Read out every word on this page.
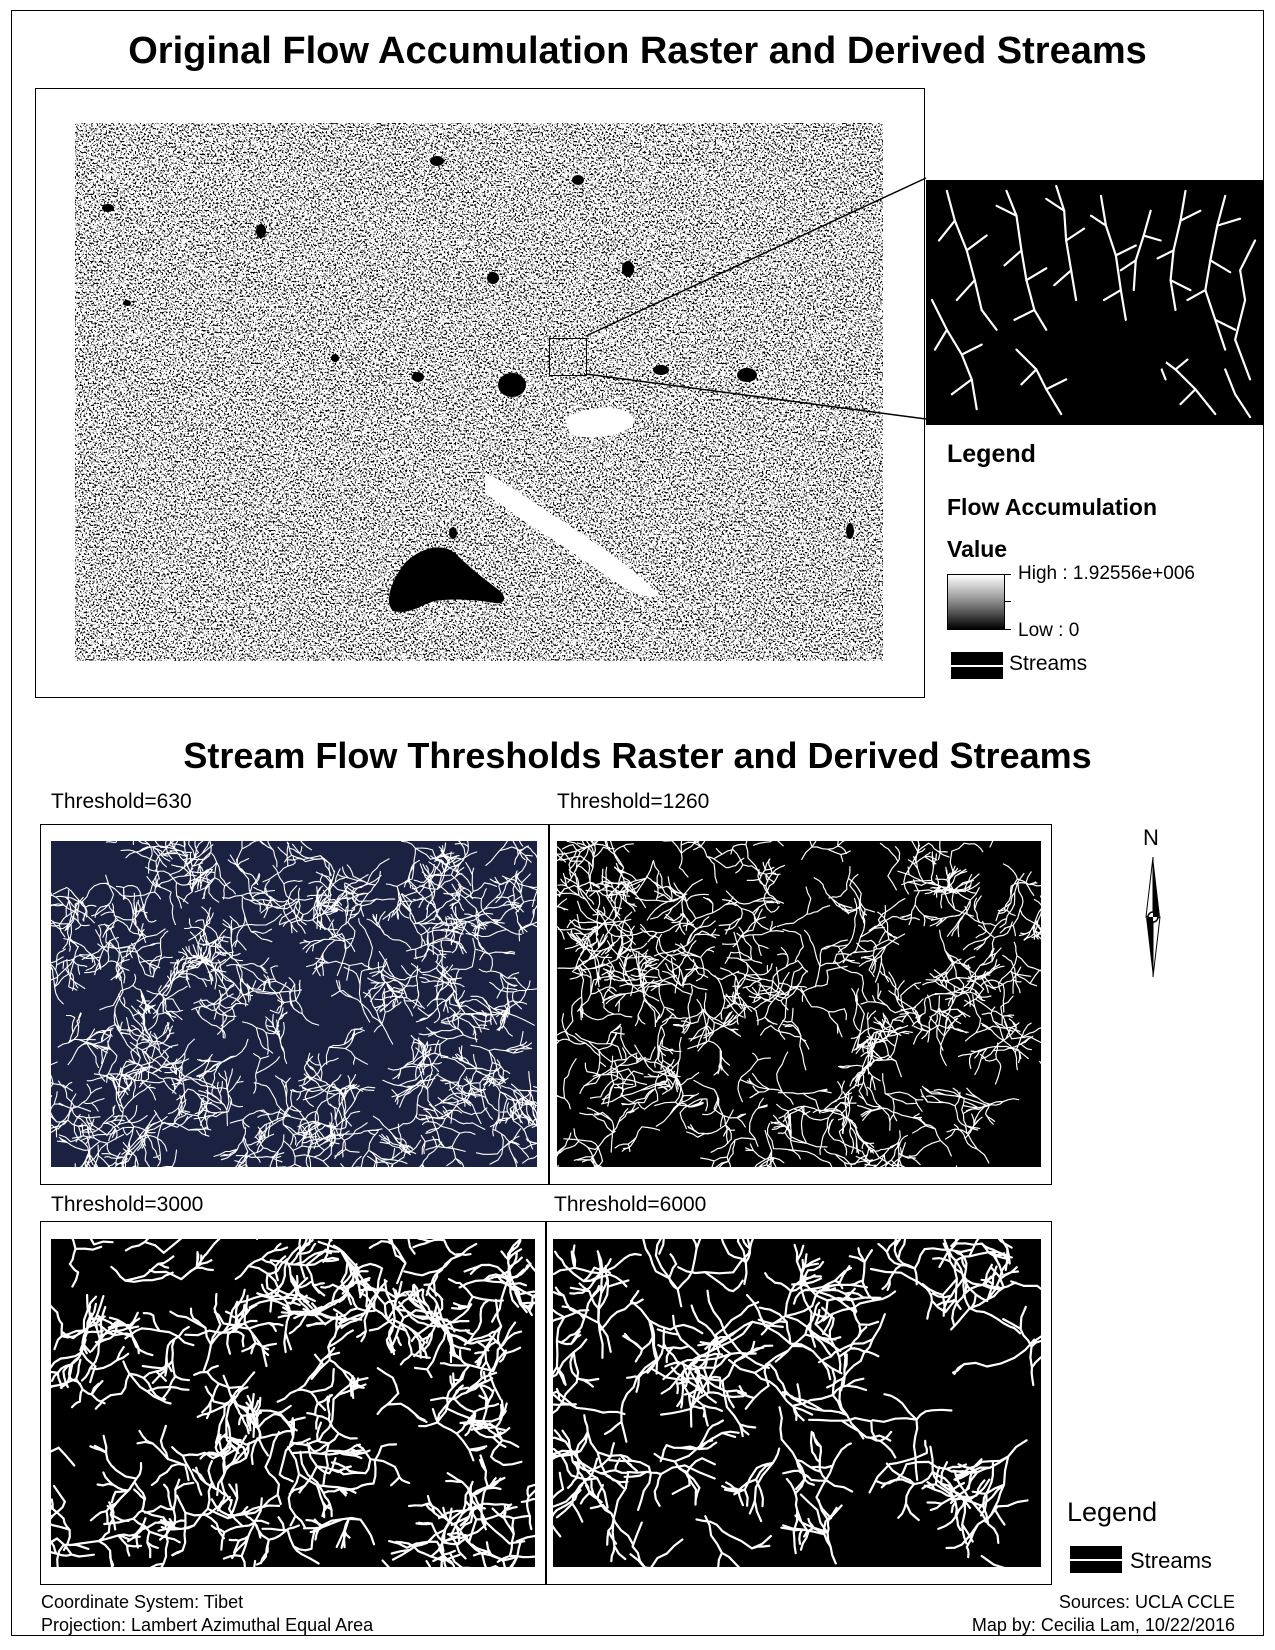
Original Flow Accumulation Raster and Derived Streams
Legend
Flow Accumulation
Value
High : 1.92556e+006
Low : 0
Streams
Stream Flow Thresholds Raster and Derived Streams
Threshold=630	Threshold=1260
Threshold=3000	Threshold=6000
N
Legend
Streams
Coordinate System: Tibet
Projection: Lambert Azimuthal Equal Area
Sources: UCLA CCLE
Map by: Cecilia Lam, 10/22/2016
